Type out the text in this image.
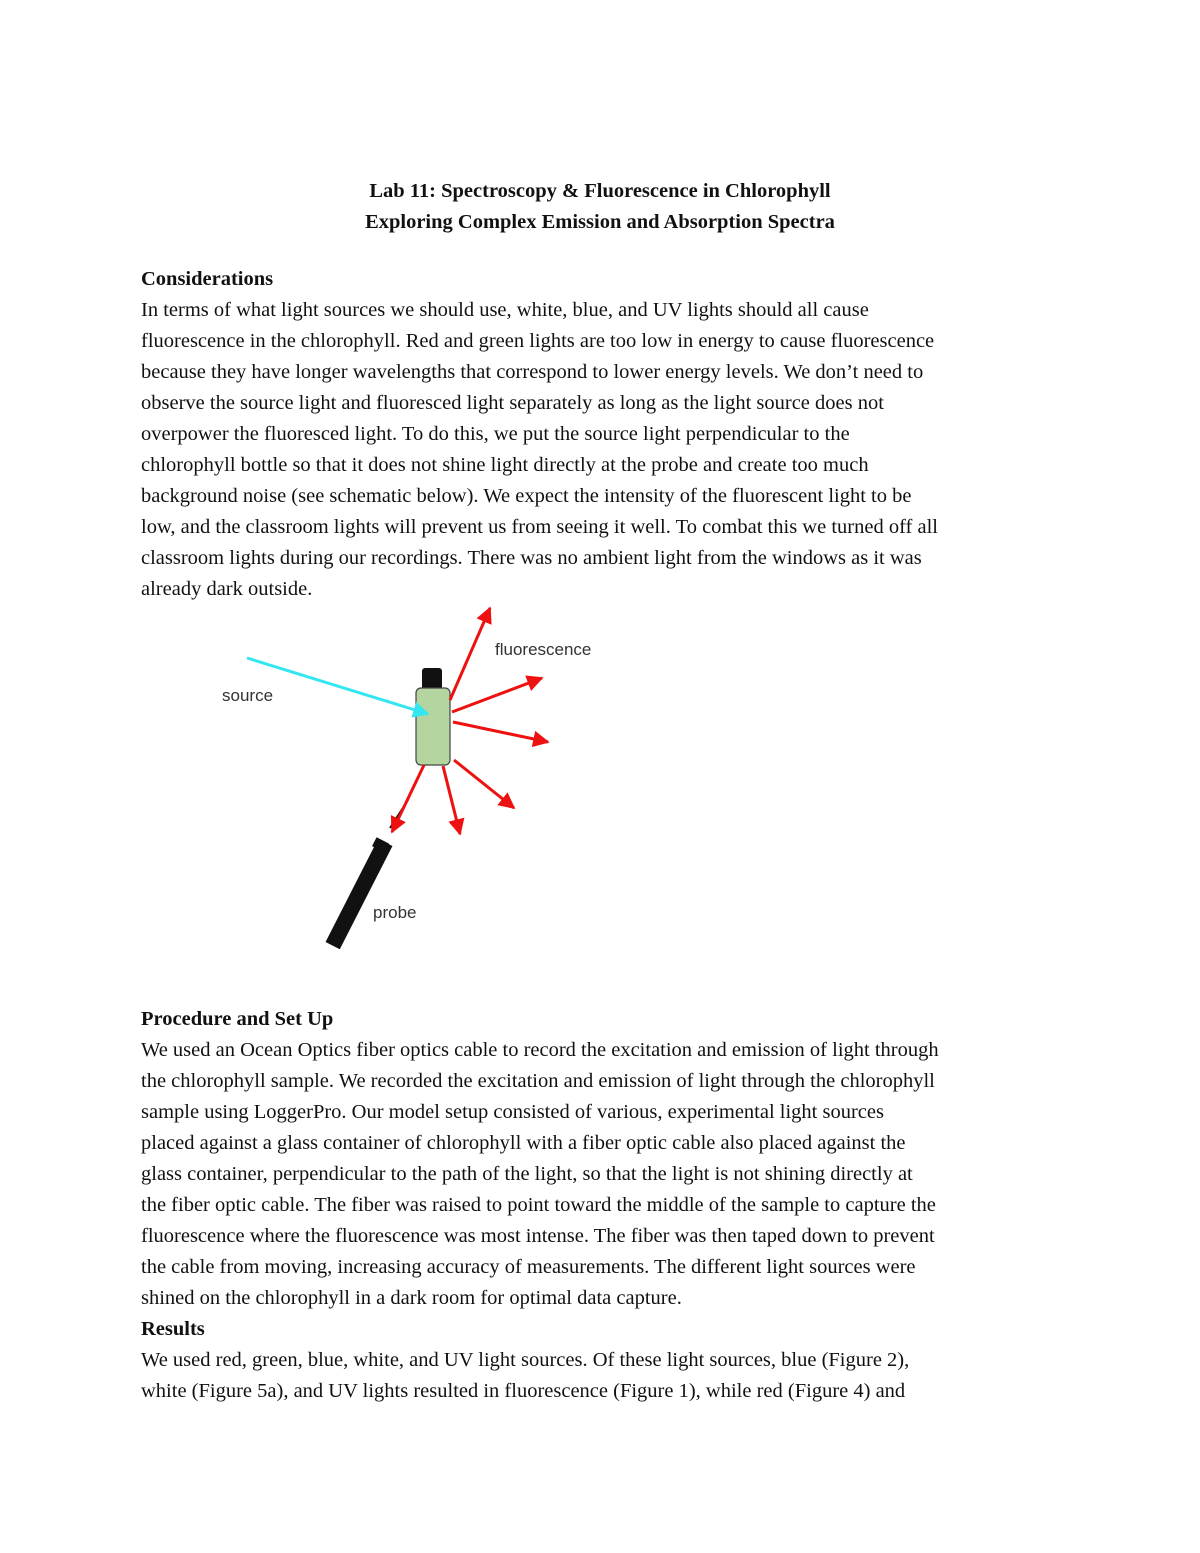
Lab 11: Spectroscopy & Fluorescence in Chlorophyll
Exploring Complex Emission and Absorption Spectra
Considerations
In terms of what light sources we should use, white, blue, and UV lights should all cause
fluorescence in the chlorophyll. Red and green lights are too low in energy to cause fluorescence
because they have longer wavelengths that correspond to lower energy levels. We don’t need to
observe the source light and fluoresced light separately as long as the light source does not
overpower the fluoresced light. To do this, we put the source light perpendicular to the
chlorophyll bottle so that it does not shine light directly at the probe and create too much
background noise (see schematic below). We expect the intensity of the fluorescent light to be
low, and the classroom lights will prevent us from seeing it well. To combat this we turned off all
classroom lights during our recordings. There was no ambient light from the windows as it was
already dark outside.
source
fluorescence
probe
Procedure and Set Up
We used an Ocean Optics fiber optics cable to record the excitation and emission of light through
the chlorophyll sample. We recorded the excitation and emission of light through the chlorophyll
sample using LoggerPro. Our model setup consisted of various, experimental light sources
placed against a glass container of chlorophyll with a fiber optic cable also placed against the
glass container, perpendicular to the path of the light, so that the light is not shining directly at
the fiber optic cable. The fiber was raised to point toward the middle of the sample to capture the
fluorescence where the fluorescence was most intense. The fiber was then taped down to prevent
the cable from moving, increasing accuracy of measurements. The different light sources were
shined on the chlorophyll in a dark room for optimal data capture.
Results
We used red, green, blue, white, and UV light sources. Of these light sources, blue (Figure 2),
white (Figure 5a), and UV lights resulted in fluorescence (Figure 1), while red (Figure 4) and
